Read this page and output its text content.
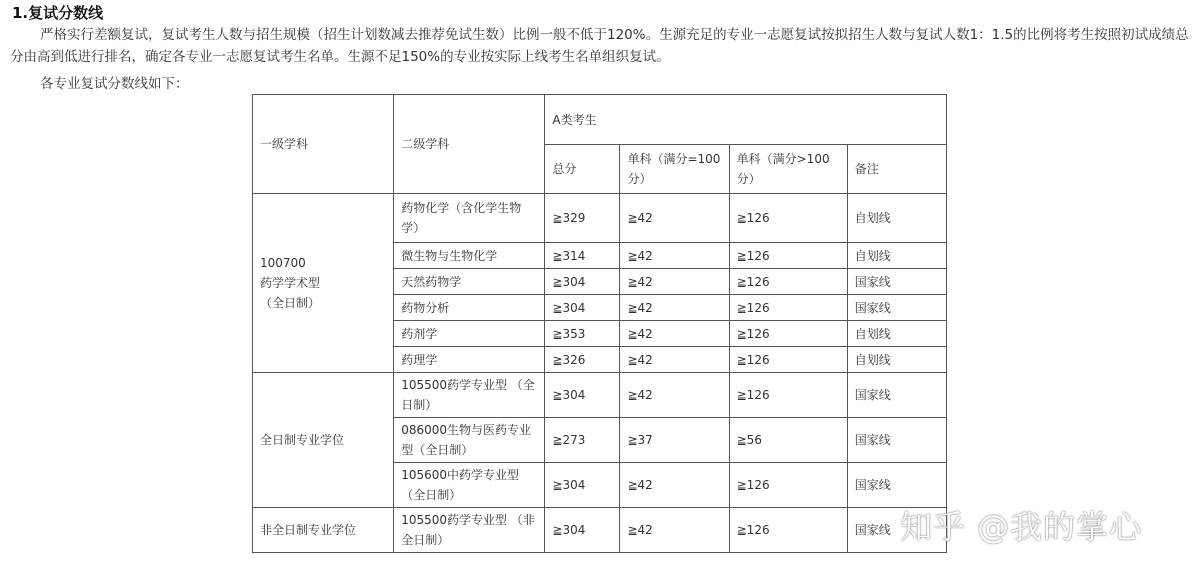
1.复试分数线
严格实行差额复试，复试考生人数与招生规模（招生计划数减去推荐免试生数）比例一般不低于120%。生源充足的专业一志愿复试按拟招生人数与复试人数1：1.5的比例将考生按照初试成绩总分由高到低进行排名，确定各专业一志愿复试考生名单。生源不足150%的专业按实际上线考生名单组织复试。
各专业复试分数线如下：
一级学科	二级学科	A类考生			
		总分	单科（满分=100分）	单科（满分>100分）	备注
100700
药学学术型
（全日制）	药物化学（含化学生物学）	≧329	≧42	≧126	自划线
	微生物与生物化学	≧314	≧42	≧126	自划线
	天然药物学	≧304	≧42	≧126	国家线
	药物分析	≧304	≧42	≧126	国家线
	药剂学	≧353	≧42	≧126	自划线
	药理学	≧326	≧42	≧126	自划线
全日制专业学位	105500药学专业型 （全日制）	≧304	≧42	≧126	国家线
	086000生物与医药专业型（全日制）	≧273	≧37	≧56	国家线
	105600中药学专业型 （全日制）	≧304	≧42	≧126	国家线
非全日制专业学位	105500药学专业型 （非全日制）	≧304	≧42	≧126	国家线 知乎 @我的掌心
